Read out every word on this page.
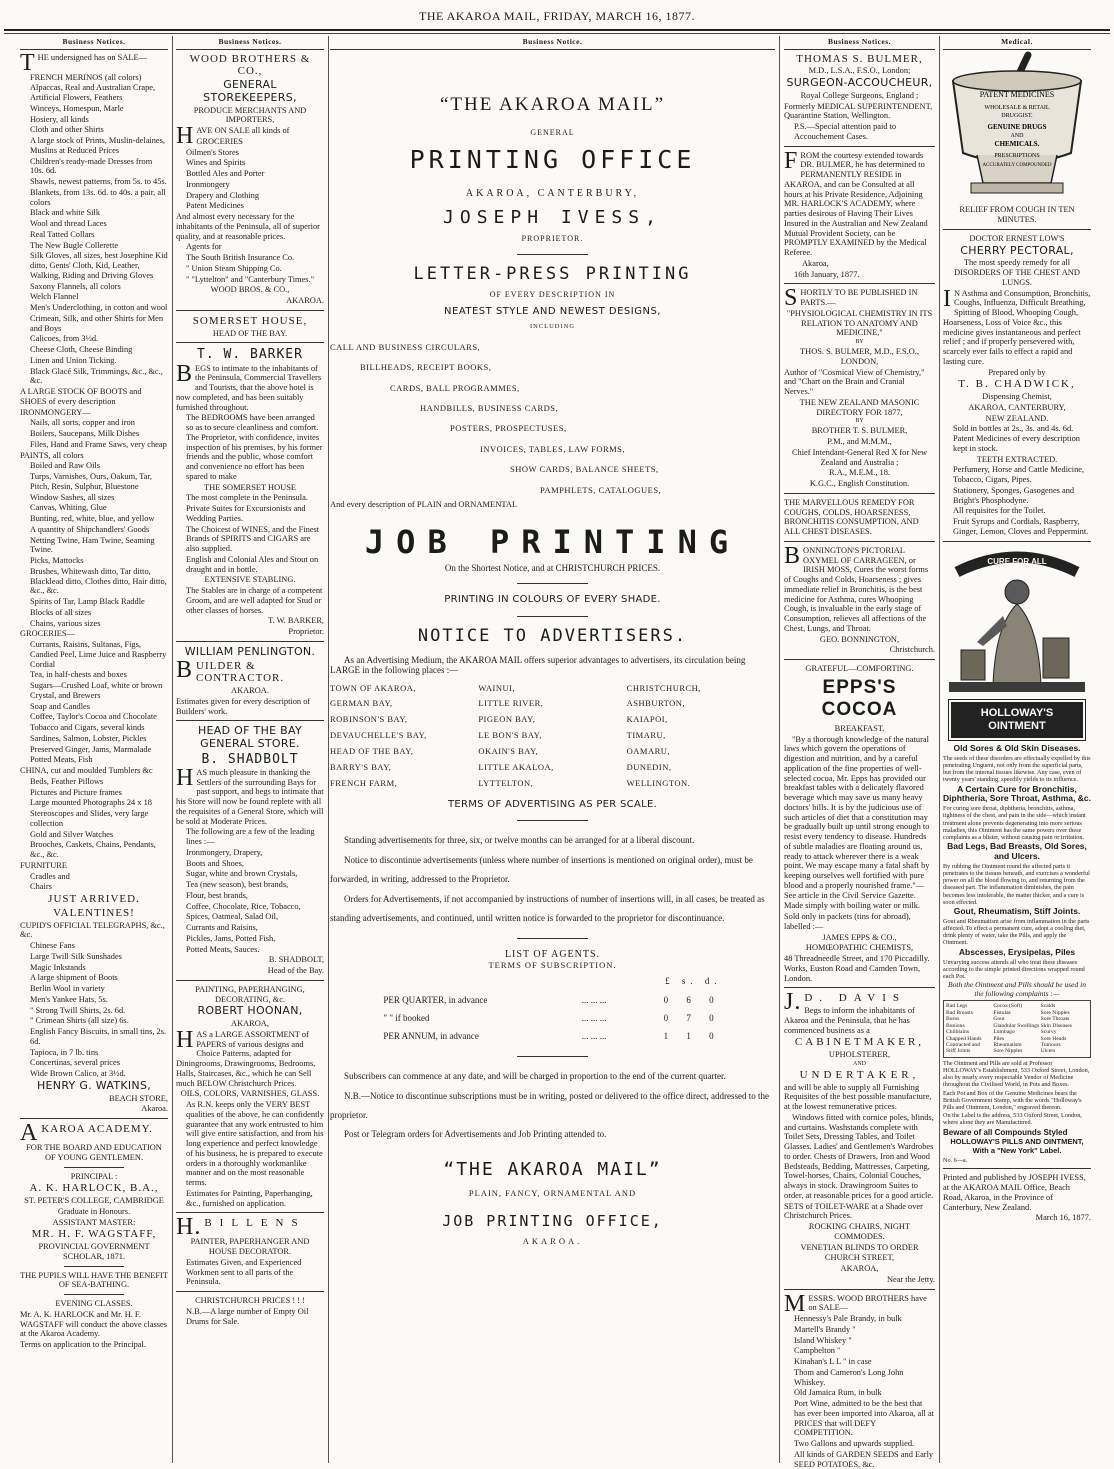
THE AKAROA MAIL, FRIDAY, MARCH 16, 1877.
Business Notices.

THE undersigned has on SALE—

FRENCH MERINOS (all colors)

Alpaccas, Real and Australian Crape, Artificial Flowers, Feathers

Winceys, Homespun, Marle

Hosiery, all kinds

Cloth and other Shirts

A large stock of Prints, Muslin-delaines, Muslins at Reduced Prices

Children's ready-made Dresses from 10s. 6d.

Shawls, newest patterns, from 5s. to 45s.

Blankets, from 13s. 6d. to 40s. a pair, all colors

Black and white Silk

Wool and thread Laces

Real Tatted Collars

The New Bugle Collerette

Silk Gloves, all sizes, best Josephine Kid ditto, Gents' Cloth, Kid, Leather, Walking, Riding and Driving Gloves

Saxony Flannels, all colors

Welch Flannel

Men's Underclothing, in cotton and wool

Crimean, Silk, and other Shirts for Men and Boys

Calicoes, from 3½d.

Cheese Cloth, Cheese Binding

Linen and Union Ticking.

Black Glacé Silk, Trimmings, &c., &c., &c.

A LARGE STOCK OF BOOTS and SHOES of every description

IRONMONGERY—

Nails, all sorts, copper and iron

Boilers, Saucepans, Milk Dishes

Files, Hand and Frame Saws, very cheap

PAINTS, all colors

Boiled and Raw Oils

Turps, Varnishes, Ours, Oakum, Tar, Pitch, Resin, Sulphur, Bluestone

Window Sashes, all sizes

Canvas, Whiting, Glue

Bunting, red, white, blue, and yellow

A quantity of Shipchandlers' Goods

Netting Twine, Ham Twine, Seaming Twine.

Picks, Mattocks

Brushes, Whitewash ditto, Tar ditto, Blacklead ditto, Clothes ditto, Hair ditto, &c., &c.

Spirits of Tar, Lamp Black Raddle

Blocks of all sizes

Chains, various sizes

GROCERIES—

Currants, Raisins, Sultanas, Figs, Candied Peel, Lime Juice and Raspberry Cordial

Tea, in half-chests and boxes

Sugars—Crushed Loaf, white or brown Crystal, and Brewers

Soap and Candles

Coffee, Taylor's Cocoa and Chocolate

Tobacco and Cigars, several kinds

Sardines, Salmon, Lobster, Pickles

Preserved Ginger, Jams, Marmalade

Potted Meats, Fish

CHINA, cut and moulded Tumblers &c

Beds, Feather Pillows

Pictures and Picture frames

Large mounted Photographs 24 x 18

Stereoscopes and Slides, very large collection

Gold and Silver Watches

Brooches, Caskets, Chains, Pendants, &c., &c.

FURNITURE

Cradles and

Chairs

JUST ARRIVED.

VALENTINES!

CUPID'S OFFICIAL TELEGRAPHS, &c., &c.

Chinese Fans

Large Twill Silk Sunshades

Magic Inkstands

A large shipment of Boots

Berlin Wool in variety

Men's Yankee Hats, 5s.

" Strong Twill Shirts, 2s. 6d.

" Crimean Shirts (all size) 6s.

English Fancy Biscuits, in small tins, 2s. 6d.

Tapioca, in 7 lb. tins

Concertinas, several prices

Wide Brown Calico, at 3½d.

HENRY G. WATKINS,

BEACH STORE,

Akaroa.

AKAROA ACADEMY.

FOR THE BOARD AND EDUCATION OF YOUNG GENTLEMEN.

PRINCIPAL :

A. K. HARLOCK, B.A.,

ST. PETER'S COLLEGE, CAMBRIDGE

Graduate in Honours.

ASSISTANT MASTER:

MR. H. F. WAGSTAFF,

PROVINCIAL GOVERNMENT SCHOLAR, 1871.

THE PUPILS WILL HAVE THE BENEFIT OF SEA-BATHING.

EVENING CLASSES.

Mr. A. K. HARLOCK and Mr. H. F. WAGSTAFF will conduct the above classes at the Akaroa Academy.

Terms on application to the Principal.

Business Notices.

WOOD BROTHERS & CO.,

GENERAL STOREKEEPERS,

PRODUCE MERCHANTS AND IMPORTERS,

HAVE ON SALE all kinds of

GROCERIES

Oilmen's Stores

Wines and Spirits

Bottled Ales and Porter

Ironmongery

Drapery and Clothing

Patent Medicines

And almost every necessary for the inhabitants of the Peninsula, all of superior quality, and at reasonable prices.

Agents for

The South British Insurance Co.

" Union Steam Shipping Co.

" "Lyttelton" and "Canterbury Times."

WOOD BROS. & CO.,

AKAROA.

SOMERSET HOUSE,

HEAD OF THE BAY.

T. W. BARKER

BEGS to intimate to the inhabitants of the Peninsula, Commercial Travellers and Tourists, that the above hotel is now completed, and has been suitably furnished throughout.

The BEDROOMS have been arranged so as to secure cleanliness and comfort. The Proprietor, with confidence, invites inspection of his premises, by his former friends and the public, whose comfort and convenience no effort has been spared to make

THE SOMERSET HOUSE

The most complete in the Peninsula.

Private Suites for Excursionists and Wedding Parties.

The Choicest of WINES, and the Finest Brands of SPIRITS and CIGARS are also supplied.

English and Colonial Ales and Stout on draught and in bottle.

EXTENSIVE STABLING.

The Stables are in charge of a competent Groom, and are well adapted for Stud or other classes of horses.

T. W. BARKER,

Proprietor.

WILLIAM PENLINGTON.

BUILDER & CONTRACTOR.

AKAROA.

Estimates given for every description of Builders' work.

HEAD OF THE BAY GENERAL STORE.

B. SHADBOLT

HAS much pleasure in thanking the Settlers of the surrounding Bays for past support, and begs to intimate that his Store will now be found replete with all the requisites of a General Store, which will be sold at Moderate Prices.

The following are a few of the leading lines :—

Ironmongery, Drapery,

Boots and Shoes,

Sugar, white and brown Crystals,

Tea (new season), best brands,

Flour, best brands,

Coffee, Chocolate, Rice, Tobacco,

Spices, Oatmeal, Salad Oil,

Currants and Raisins,

Pickles, Jams, Potted Fish,

Potted Meats, Sauces.

B. SHADBOLT,

Head of the Bay.

PAINTING, PAPERHANGING, DECORATING, &c.

ROBERT HOONAN,

AKAROA,

HAS a LARGE ASSORTMENT of PAPERS of various designs and Choice Patterns, adapted for Diningrooms, Drawingrooms, Bedrooms, Halls, Staircases, &c., which he can Sell much BELOW Christchurch Prices.

OILS, COLORS, VARNISHES, GLASS.

As R.N. keeps only the VERY BEST qualities of the above, he can confidently guarantee that any work entrusted to him will give entire satisfaction, and from his long experience and perfect knowledge of his business, he is prepared to execute orders in a thoroughly workmanlike manner and on the most reasonable terms.

Estimates for Painting, Paperhanging, &c., furnished on application.

H. BILLENS

PAINTER, PAPERHANGER AND HOUSE DECORATOR.

Estimates Given, and Experienced Workmen sent to all parts of the Peninsula.

CHRISTCHURCH PRICES ! ! !

N.B.—A large number of Empty Oil Drums for Sale.

Business Notice.
“THE AKAROA MAIL”
GENERAL
PRINTING OFFICE
AKAROA, CANTERBURY,
JOSEPH IVESS,
PROPRIETOR.
LETTER-PRESS PRINTING
OF EVERY DESCRIPTION IN
NEATEST STYLE AND NEWEST DESIGNS,
INCLUDING

CALL AND BUSINESS CIRCULARS,

BILLHEADS, RECEIPT BOOKS,

CARDS, BALL PROGRAMMES,

HANDBILLS, BUSINESS CARDS,

POSTERS, PROSPECTUSES,

INVOICES, TABLES, LAW FORMS,

SHOW CARDS, BALANCE SHEETS,

PAMPHLETS, CATALOGUES,

And every description of PLAIN and ORNAMENTAL

JOB PRINTING

On the Shortest Notice, and at CHRISTCHURCH PRICES.

PRINTING IN COLOURS OF EVERY SHADE.

NOTICE TO ADVERTISERS.

As an Advertising Medium, the AKAROA MAIL offers superior advantages to advertisers, its circulation being LARGE in the following places :—

TOWN OF AKAROA,	WAINUI,	CHRISTCHURCH,
GERMAN BAY,	LITTLE RIVER,	ASHBURTON,
ROBINSON'S BAY,	PIGEON BAY,	KAIAPOI,
DEVAUCHELLE'S BAY,	LE BON'S BAY,	TIMARU,
HEAD OF THE BAY,	OKAIN'S BAY,	OAMARU,
BARRY'S BAY,	LITTLE AKALOA,	DUNEDIN,
FRENCH FARM,	LYTTELTON,	WELLINGTON.

TERMS OF ADVERTISING AS PER SCALE.

Standing advertisements for three, six, or twelve months can be arranged for at a liberal discount.

Notice to discontinue advertisements (unless where number of insertions is mentioned on original order), must be forwarded, in writing, addressed to the Proprietor.

Orders for Advertisements, if not accompanied by instructions of number of insertions will, in all cases, be treated as standing advertisements, and continued, until written notice is forwarded to the proprietor for discontinuance.

LIST OF AGENTS.

TERMS OF SUBSCRIPTION.

		£ s. d.
PER QUARTER, in advance	... ... ...	0 6 0
" " if booked	... ... ...	0 7 0
PER ANNUM, in advance	... ... ...	1 1 0

Subscribers can commence at any date, and will be charged in proportion to the end of the current quarter.

N.B.—Notice to discontinue subscriptions must be in writing, posted or delivered to the office direct, addressed to the proprietor.

Post or Telegram orders for Advertisements and Job Printing attended to.

“THE AKAROA MAIL”

PLAIN, FANCY, ORNAMENTAL AND

JOB PRINTING OFFICE,

AKAROA.

Business Notices.

THOMAS S. BULMER,

M.D., L.S.A., F.S.O., London;

SURGEON-ACCOUCHEUR,

Royal College Surgeons, England ;

Formerly MEDICAL SUPERINTENDENT, Quarantine Station, Wellington.

P.S.—Special attention paid to Accouchement Cases.

FROM the courtesy extended towards DR. BULMER, he has determined to PERMANENTLY RESIDE in AKAROA, and can be Consulted at all hours at his Private Residence, Adjoining MR. HARLOCK'S ACADEMY, where parties desirous of Having Their Lives Insured in the Australian and New Zealand Mutual Provident Society, can be PROMPTLY EXAMINED by the Medical Referee.

Akaroa,

16th January, 1877.

SHORTLY TO BE PUBLISHED IN PARTS.—

"PHYSIOLOGICAL CHEMISTRY IN ITS RELATION TO ANATOMY AND MEDICINE,"

BY

THOS. S. BULMER, M.D., F.S.O., LONDON,

Author of "Cosmical View of Chemistry," and "Chart on the Brain and Cranial Nerves."

THE NEW ZEALAND MASONIC DIRECTORY FOR 1877,

BY

BROTHER T. S. BULMER,

P.M., and M.M.M.,

Chief Intendant-General Red X for New Zealand and Australia ;

R.A., M.E.M., 18.

K.G.C., English Constitution.

THE MARVELLOUS REMEDY FOR COUGHS, COLDS, HOARSENESS, BRONCHITIS CONSUMPTION, AND ALL CHEST DISEASES.

BONNINGTON'S PICTORIAL OXYMEL OF CARRAGEEN, or IRISH MOSS, Cures the worst forms of Coughs and Colds, Hoarseness ; gives immediate relief in Bronchitis, is the best medicine for Asthma, cures Whooping Cough, is invaluable in the early stage of Consumption, relieves all affections of the Chest, Lungs, and Throat.

GEO. BONNINGTON,

Christchurch.

GRATEFUL—COMFORTING.

EPPS'S COCOA

BREAKFAST.

"By a thorough knowledge of the natural laws which govern the operations of digestion and nutrition, and by a careful application of the fine properties of well-selected cocoa, Mr. Epps has provided our breakfast tables with a delicately flavored beverage which may save us many heavy doctors' bills. It is by the judicious use of such articles of diet that a constitution may be gradually built up until strong enough to resist every tendency to disease. Hundreds of subtle maladies are floating around us, ready to attack wherever there is a weak point. We may escape many a fatal shaft by keeping ourselves well fortified with pure blood and a properly nourished frame."—See article in the Civil Service Gazette.

Made simply with boiling water or milk.

Sold only in packets (tins for abroad), labelled :—

JAMES EPPS & CO.,

HOMŒOPATHIC CHEMISTS,

48 Threadneedle Street, and 170 Piccadilly. Works, Euston Road and Camden Town, London.

J. D. DAVIS

Begs to inform the inhabitants of Akaroa and the Peninsula, that he has commenced business as a

CABINETMAKER,

UPHOLSTERER,

AND

UNDERTAKER,

and will be able to supply all Furnishing Requisites of the best possible manufacture, at the lowest remunerative prices.

Windows fitted with cornice poles, blinds, and curtains. Washstands complete with Toilet Sets, Dressing Tables, and Toilet Glasses. Ladies' and Gentlemen's Wardrobes to order. Chests of Drawers, Iron and Wood Bedsteads, Bedding, Mattresses, Carpeting, Towel-horses, Chairs, Colonial Couches, always in stock. Drawingroom Suites to order, at reasonable prices for a good article.

SETS of TOILET-WARE at a Shade over Christchurch Prices.

ROCKING CHAIRS, NIGHT COMMODES.

VENETIAN BLINDS TO ORDER

CHURCH STREET,

AKAROA,

Near the Jetty.

MESSRS. WOOD BROTHERS have on SALE—

Hennessy's Pale Brandy, in bulk

Martell's Brandy "

Island Whiskey "

Campbelton "

Kinahan's L L " in case

Thom and Cameron's Long John Whiskey.

Old Jamaica Rum, in bulk

Port Wine, admitted to be the best that has ever been imported into Akaroa, all at PRICES that will DEFY COMPETITION.

Two Gallons and upwards supplied.

All kinds of GARDEN SEEDS and Early SEED POTATOES, &c.

Medical.
PATENT MEDICINES
WHOLESALE & RETAIL
DRUGGIST.
GENUINE DRUGS
AND
CHEMICALS.
PRESCRIPTIONS
ACCURATELY COMPOUNDED

RELIEF FROM COUGH IN TEN MINUTES.

DOCTOR ERNEST LOW'S

CHERRY PECTORAL,

The most speedy remedy for all DISORDERS OF THE CHEST AND LUNGS.

I N Asthma and Consumption, Bronchitis, Coughs, Influenza, Difficult Breathing, Spitting of Blood, Whooping Cough, Hoarseness, Loss of Voice &c., this medicine gives instantaneous and perfect relief ; and if properly persevered with, scarcely ever fails to effect a rapid and lasting cure.

Prepared only by

T. B. CHADWICK,

Dispensing Chemist,

AKAROA, CANTERBURY,

NEW ZEALAND.

Sold in bottles at 2s., 3s. and 4s. 6d. Patent Medicines of every description kept in stock.

TEETH EXTRACTED.

Perfumery, Horse and Cattle Medicine, Tobacco, Cigars, Pipes.

Stationery, Sponges, Gasogenes and Bright's Phosphodyne.

All requisites for the Toilet.

Fruit Syrups and Cordials, Raspberry, Ginger, Lemon, Cloves and Peppermint.

CURE FOR ALL
HOLLOWAY'S OINTMENT

Old Sores & Old Skin Diseases.

The seeds of these disorders are effectually expelled by this penetrating Unguent, not only from the superficial parts, but from the internal tissues likewise. Any case, even of twenty years' standing, speedily yields to its influence.

A Certain Cure for Bronchitis, Diphtheria, Sore Throat, Asthma, &c.

For curing sore throat, diphtheria, bronchitis, asthma, tightness of the chest, and pain in the side—which instant treatment alone prevents degenerating into more serious maladies, this Ointment has the same powers over these complaints as a blister, without causing pain or irritation.

Bad Legs, Bad Breasts, Old Sores, and Ulcers.

By rubbing the Ointment round the affected parts it penetrates to the tissues beneath, and exercises a wonderful power on all the blood flowing to, and returning from the diseased part. The inflammation diminishes, the pain becomes less intolerable, the matter thicker, and a cure is soon effected.

Gout, Rheumatism, Stiff Joints.

Gout and Rheumatism arise from inflammation in the parts affected. To effect a permanent cure, adopt a cooling diet, drink plenty of water, take the Pills, and apply the Ointment.

Abscesses, Erysipelas, Piles

Unvarying success attends all who treat these diseases according to the simple printed directions wrapped round each Pot.

Both the Ointment and Pills should be used in the following complaints :—

Bad Legs	Cocoa (Soft)	Scalds
Bad Breasts	Fistulas	Sore Nipples
Burns	Gout	Sore Throats
Bunions	Glandular Swellings Skin Diseases
Chilblains	Lumbago	Scurvy
Chapped Hands	Piles	Sore Heads
Contracted and	Rheumatism	Tumours
Stiff Joints	Sore Nipples	Ulcers

The Ointment and Pills are sold at Professor HOLLOWAY's Establishment, 533 Oxford Street, London, also by nearly every respectable Vendor of Medicine throughout the Civilised World, in Pots and Boxes.

Each Pot and Box of the Genuine Medicines bears the British Government Stamp, with the words "Holloway's Pills and Ointment, London," engraved thereon.

On the Label is the address, 533 Oxford Street, London, where alone they are Manufactured.

Beware of all Compounds Styled

HOLLOWAY'S PILLS AND OINTMENT,

With a "New York" Label.

No. 6—a.

Printed and published by JOSEPH IVESS, at the AKAROA MAIL Office, Beach Road, Akaroa, in the Province of Canterbury, New Zealand.

March 16, 1877.
